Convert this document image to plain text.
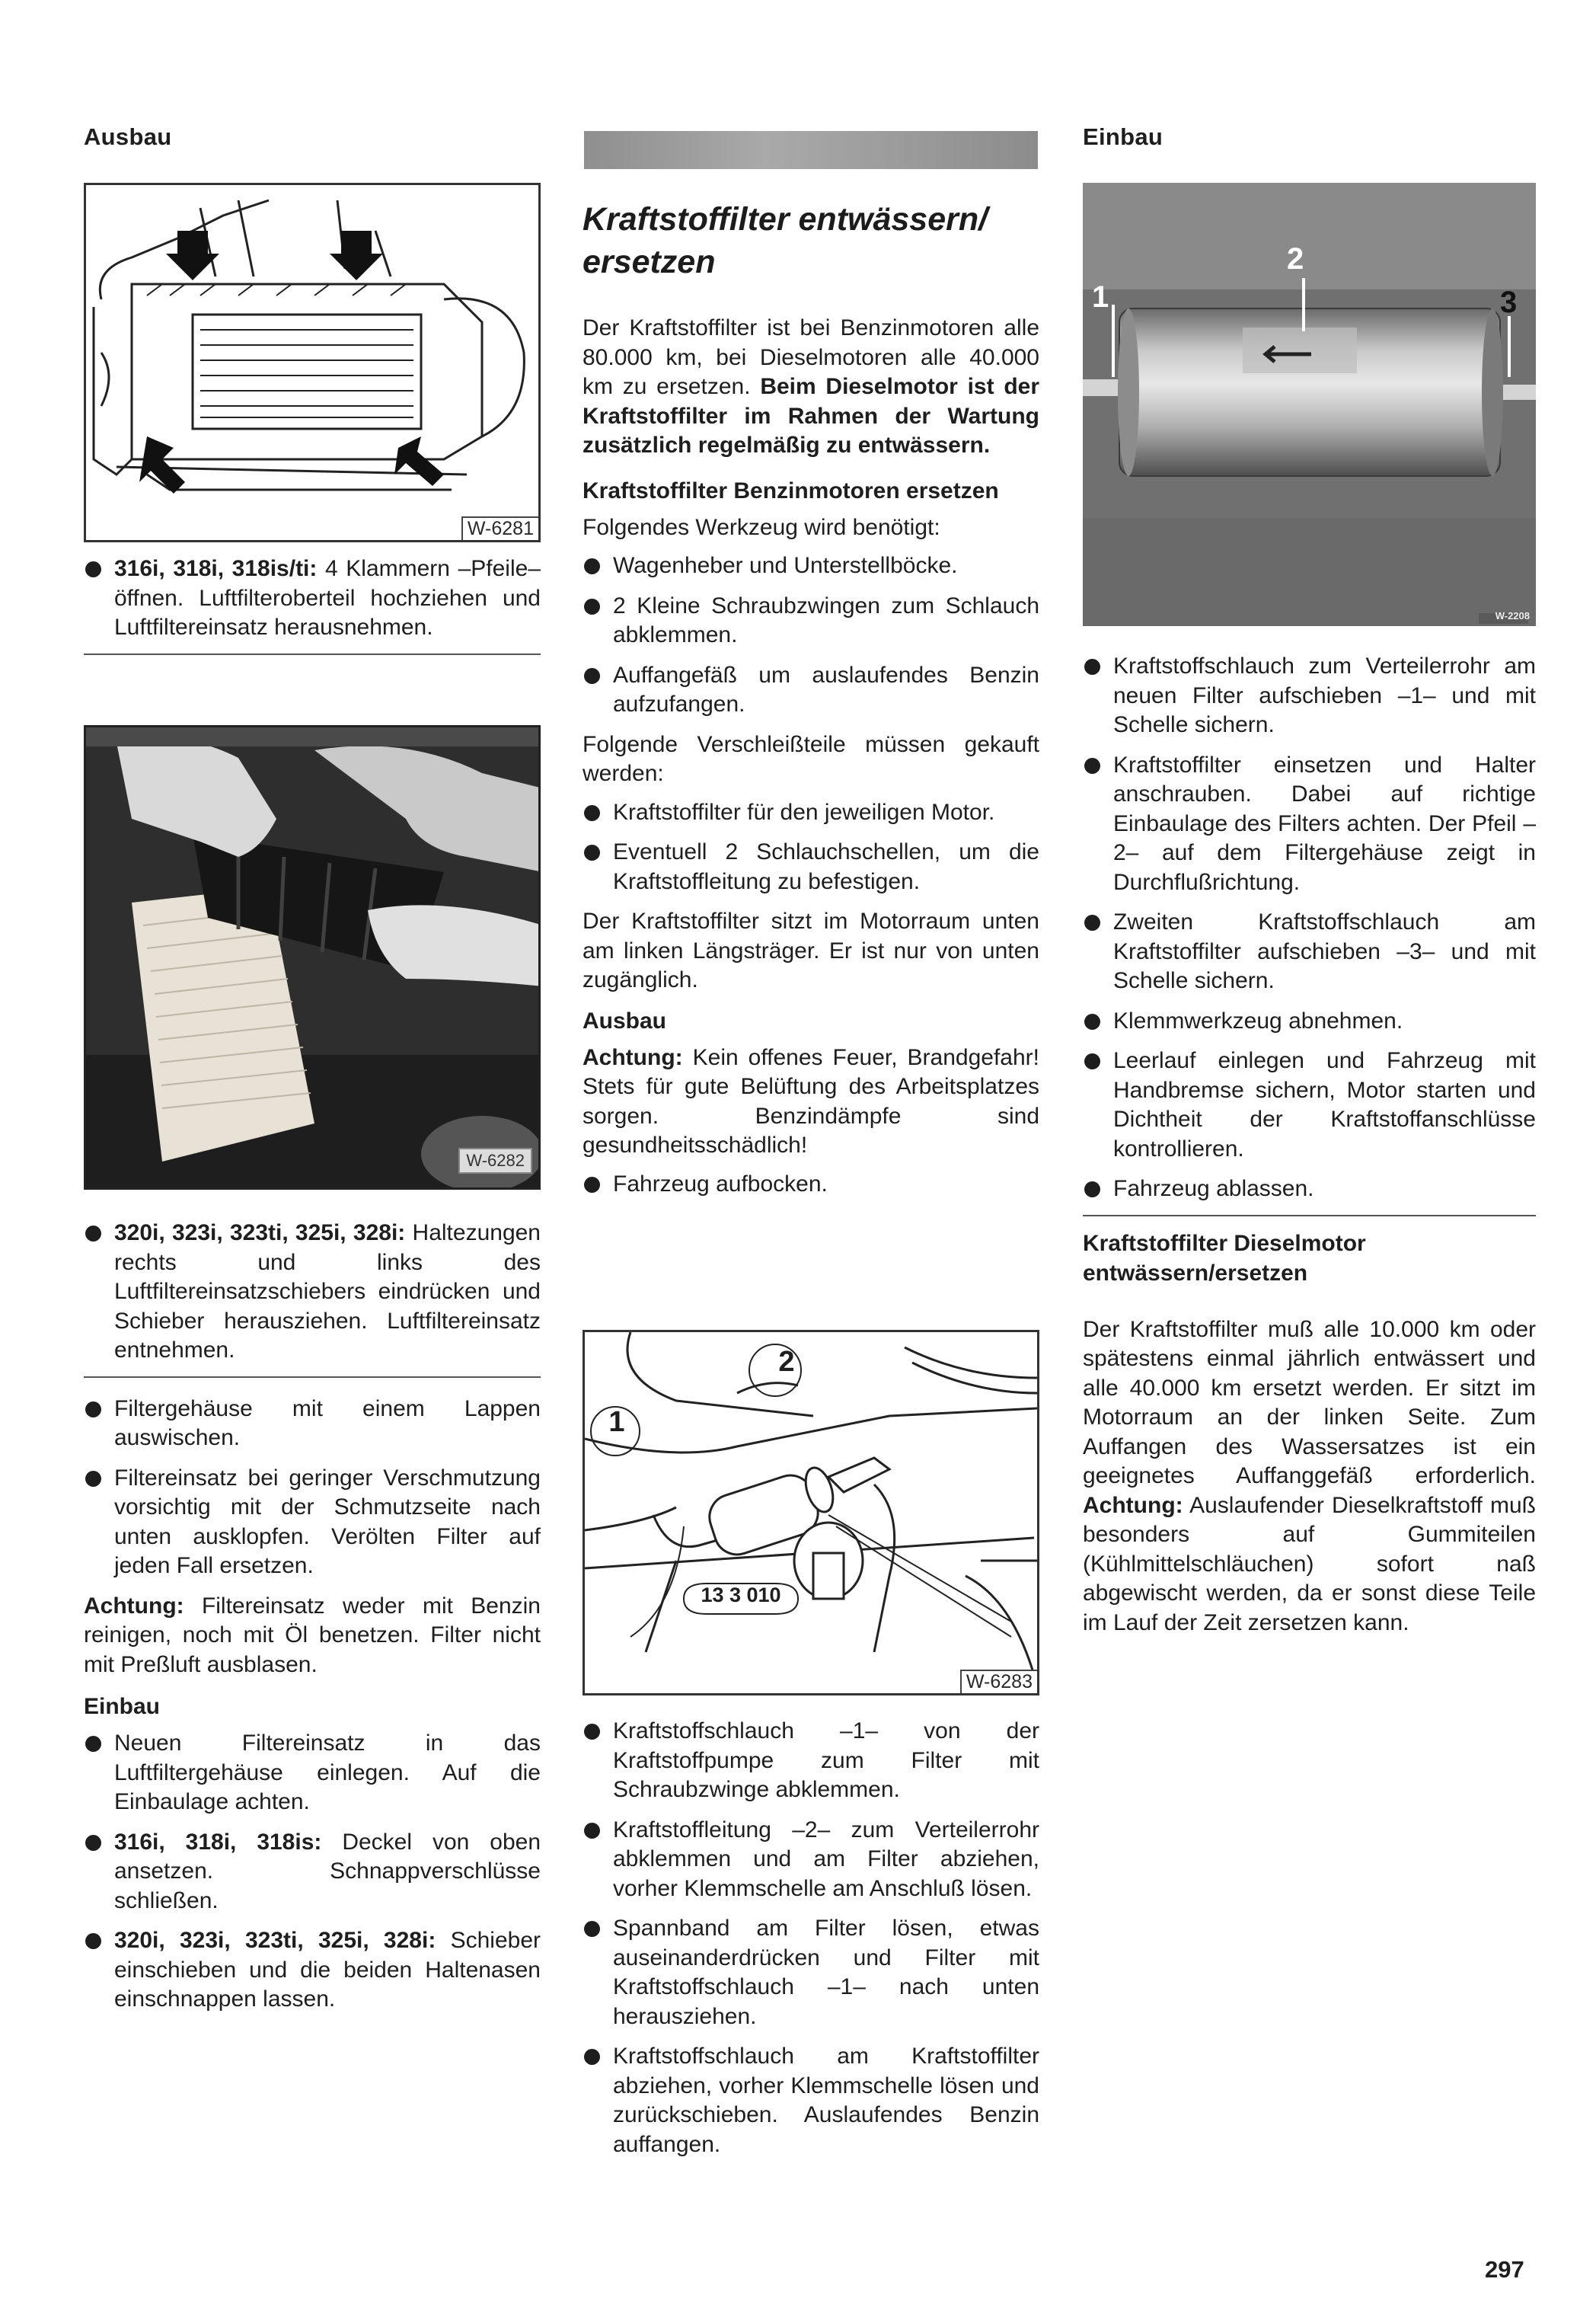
Ausbau
W-6281
316i, 318i, 318is/ti: 4 Klammern –Pfeile– öffnen. Luftfilteroberteil hochziehen und Luftfiltereinsatz herausnehmen.
W-6282
320i, 323i, 323ti, 325i, 328i: Haltezungen rechts und links des Luftfiltereinsatzschiebers eindrücken und Schieber herausziehen. Luftfiltereinsatz entnehmen.
Filtergehäuse mit einem Lappen auswischen.
Filtereinsatz bei geringer Verschmutzung vorsichtig mit der Schmutzseite nach unten ausklopfen. Verölten Filter auf jeden Fall ersetzen.

Achtung: Filtereinsatz weder mit Benzin reinigen, noch mit Öl benetzen. Filter nicht mit Preßluft ausblasen.

Einbau
Neuen Filtereinsatz in das Luftfiltergehäuse einlegen. Auf die Einbaulage achten.
316i, 318i, 318is: Deckel von oben ansetzen. Schnappverschlüsse schließen.
320i, 323i, 323ti, 325i, 328i: Schieber einschieben und die beiden Haltenasen einschnappen lassen.
Kraftstoffilter entwässern/ ersetzen

Der Kraftstoffilter ist bei Benzinmotoren alle 80.000 km, bei Dieselmotoren alle 40.000 km zu ersetzen. Beim Dieselmotor ist der Kraftstoffilter im Rahmen der Wartung zusätzlich regelmäßig zu entwässern.

Kraftstoffilter Benzinmotoren ersetzen

Folgendes Werkzeug wird benötigt:

Wagenheber und Unterstellböcke.
2 Kleine Schraubzwingen zum Schlauch abklemmen.
Auffangefäß um auslaufendes Benzin aufzufangen.

Folgende Verschleißteile müssen gekauft werden:

Kraftstoffilter für den jeweiligen Motor.
Eventuell 2 Schlauchschellen, um die Kraftstoffleitung zu befestigen.

Der Kraftstoffilter sitzt im Motorraum unten am linken Längsträger. Er ist nur von unten zugänglich.

Ausbau

Achtung: Kein offenes Feuer, Brandgefahr! Stets für gute Belüftung des Arbeitsplatzes sorgen. Benzindämpfe sind gesundheitsschädlich!

Fahrzeug aufbocken.
2
1
13 3 010
W-6283
Kraftstoffschlauch –1– von der Kraftstoffpumpe zum Filter mit Schraubzwinge abklemmen.
Kraftstoffleitung –2– zum Verteilerrohr abklemmen und am Filter abziehen, vorher Klemmschelle am Anschluß lösen.
Spannband am Filter lösen, etwas auseinanderdrücken und Filter mit Kraftstoffschlauch –1– nach unten herausziehen.
Kraftstoffschlauch am Kraftstoffilter abziehen, vorher Klemmschelle lösen und zurückschieben. Auslaufendes Benzin auffangen.
Einbau
2
1	3
W-2208
Kraftstoffschlauch zum Verteilerrohr am neuen Filter aufschieben –1– und mit Schelle sichern.
Kraftstoffilter einsetzen und Halter anschrauben. Dabei auf richtige Einbaulage des Filters achten. Der Pfeil –2– auf dem Filtergehäuse zeigt in Durchflußrichtung.
Zweiten Kraftstoffschlauch am Kraftstoffilter aufschieben –3– und mit Schelle sichern.
Klemmwerkzeug abnehmen.
Leerlauf einlegen und Fahrzeug mit Handbremse sichern, Motor starten und Dichtheit der Kraftstoffanschlüsse kontrollieren.
Fahrzeug ablassen.
Kraftstoffilter Dieselmotor entwässern/ersetzen

Der Kraftstoffilter muß alle 10.000 km oder spätestens einmal jährlich entwässert und alle 40.000 km ersetzt werden. Er sitzt im Motorraum an der linken Seite. Zum Auffangen des Wassersatzes ist ein geeignetes Auffanggefäß erforderlich. Achtung: Auslaufender Dieselkraftstoff muß besonders auf Gummiteilen (Kühlmittelschläuchen) sofort naß abgewischt werden, da er sonst diese Teile im Lauf der Zeit zersetzen kann.

297
